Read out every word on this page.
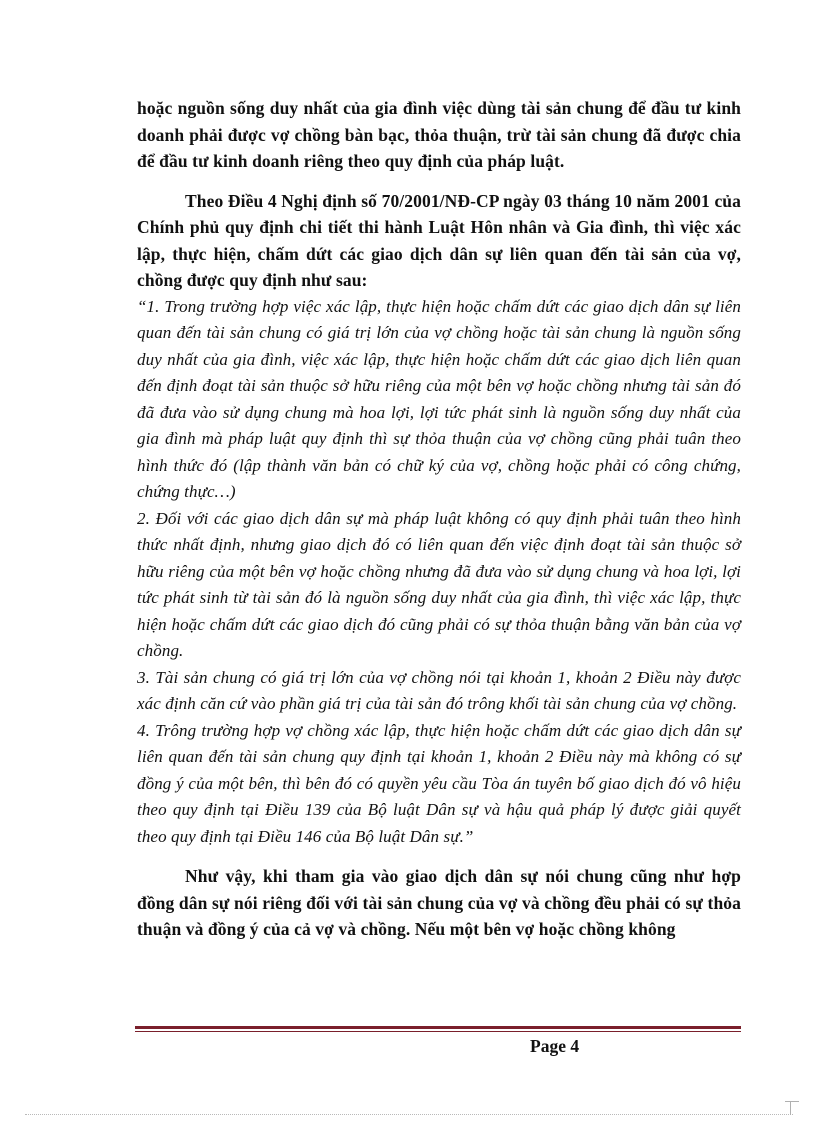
hoặc nguồn sống duy nhất của gia đình việc dùng tài sản chung để đầu tư kinh doanh phải được vợ chồng bàn bạc, thỏa thuận, trừ tài sản chung đã được chia để đầu tư kinh doanh riêng theo quy định của pháp luật.

Theo Điều 4 Nghị định số 70/2001/NĐ-CP ngày 03 tháng 10 năm 2001 của Chính phủ quy định chi tiết thi hành Luật Hôn nhân và Gia đình, thì việc xác lập, thực hiện, chấm dứt các giao dịch dân sự liên quan đến tài sản của vợ, chồng được quy định như sau:

“1. Trong trường hợp việc xác lập, thực hiện hoặc chấm dứt các giao dịch dân sự liên quan đến tài sản chung có giá trị lớn của vợ chồng hoặc tài sản chung là nguồn sống duy nhất của gia đình, việc xác lập, thực hiện hoặc chấm dứt các giao dịch liên quan đến định đoạt tài sản thuộc sở hữu riêng của một bên vợ hoặc chồng nhưng tài sản đó đã đưa vào sử dụng chung mà hoa lợi, lợi tức phát sinh là nguồn sống duy nhất của gia đình mà pháp luật quy định thì sự thỏa thuận của vợ chồng cũng phải tuân theo hình thức đó (lập thành văn bản có chữ ký của vợ, chồng hoặc phải có công chứng, chứng thực…)

2. Đối với các giao dịch dân sự mà pháp luật không có quy định phải tuân theo hình thức nhất định, nhưng giao dịch đó có liên quan đến việc định đoạt tài sản thuộc sở hữu riêng của một bên vợ hoặc chồng nhưng đã đưa vào sử dụng chung và hoa lợi, lợi tức phát sinh từ tài sản đó là nguồn sống duy nhất của gia đình, thì việc xác lập, thực hiện hoặc chấm dứt các giao dịch đó cũng phải có sự thỏa thuận bằng văn bản của vợ chồng.

3. Tài sản chung có giá trị lớn của vợ chồng nói tại khoản 1, khoản 2 Điều này được xác định căn cứ vào phần giá trị của tài sản đó trông khối tài sản chung của vợ chồng.

4. Trông trường hợp vợ chồng xác lập, thực hiện hoặc chấm dứt các giao dịch dân sự liên quan đến tài sản chung quy định tại khoản 1, khoản 2 Điều này mà không có sự đồng ý của một bên, thì bên đó có quyền yêu cầu Tòa án tuyên bố giao dịch đó vô hiệu theo quy định tại Điều 139 của Bộ luật Dân sự và hậu quả pháp lý được giải quyết theo quy định tại Điều 146 của Bộ luật Dân sự.”

Như vậy, khi tham gia vào giao dịch dân sự nói chung cũng như hợp đồng dân sự nói riêng đối với tài sản chung của vợ và chồng đều phải có sự thỏa thuận và đồng ý của cả vợ và chồng. Nếu một bên vợ hoặc chồng không

Page 4
